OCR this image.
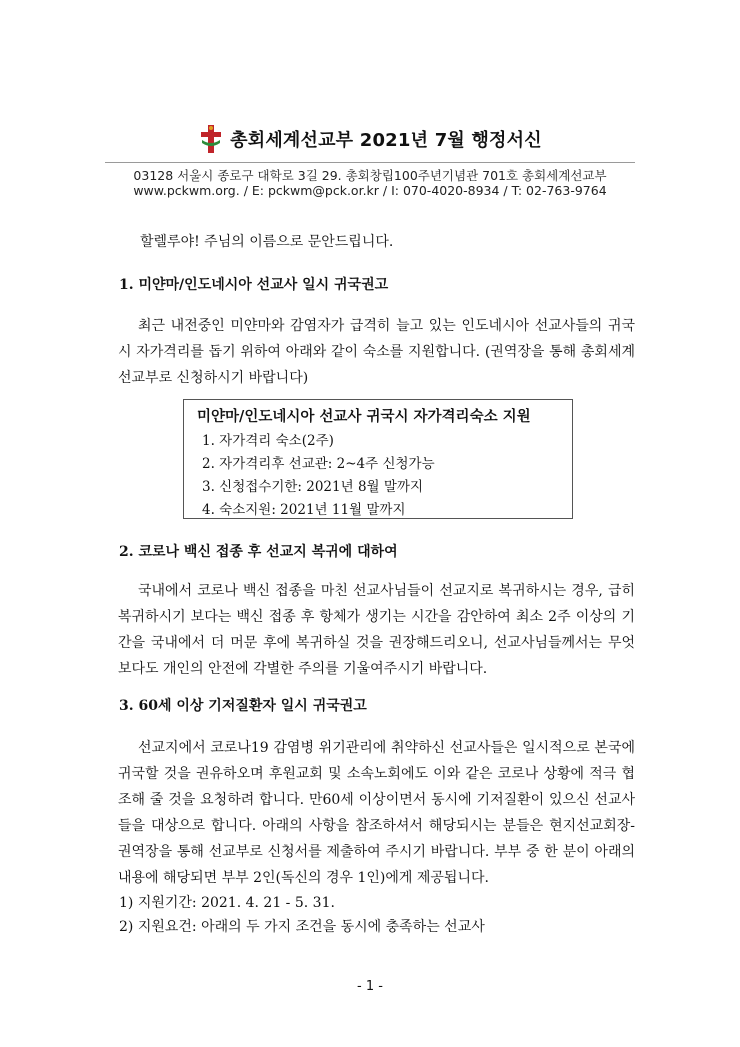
총회세계선교부 2021년 7월 행정서신
03128 서울시 종로구 대학로 3길 29. 총회창립100주년기념관 701호 총회세계선교부
www.pckwm.org. / E: pckwm@pck.or.kr / I: 070-4020-8934 / T: 02-763-9764
할렐루야! 주님의 이름으로 문안드립니다.
1. 미얀마/인도네시아 선교사 일시 귀국권고
최근 내전중인 미얀마와 감염자가 급격히 늘고 있는 인도네시아 선교사들의 귀국시 자가격리를 돕기 위하여 아래와 같이 숙소를 지원합니다. (권역장을 통해 총회세계선교부로 신청하시기 바랍니다)
미얀마/인도네시아 선교사 귀국시 자가격리숙소 지원
1. 자가격리 숙소(2주)
2. 자가격리후 선교관: 2~4주 신청가능
3. 신청접수기한: 2021년 8월 말까지
4. 숙소지원: 2021년 11월 말까지
2. 코로나 백신 접종 후 선교지 복귀에 대하여
국내에서 코로나 백신 접종을 마친 선교사님들이 선교지로 복귀하시는 경우, 급히 복귀하시기 보다는 백신 접종 후 항체가 생기는 시간을 감안하여 최소 2주 이상의 기간을 국내에서 더 머문 후에 복귀하실 것을 권장해드리오니, 선교사님들께서는 무엇보다도 개인의 안전에 각별한 주의를 기울여주시기 바랍니다.
3. 60세 이상 기저질환자 일시 귀국권고
선교지에서 코로나19 감염병 위기관리에 취약하신 선교사들은 일시적으로 본국에 귀국할 것을 권유하오며 후원교회 및 소속노회에도 이와 같은 코로나 상황에 적극 협조해 줄 것을 요청하려 합니다. 만60세 이상이면서 동시에 기저질환이 있으신 선교사들을 대상으로 합니다. 아래의 사항을 참조하셔서 해당되시는 분들은 현지선교회장-권역장을 통해 선교부로 신청서를 제출하여 주시기 바랍니다. 부부 중 한 분이 아래의 내용에 해당되면 부부 2인(독신의 경우 1인)에게 제공됩니다.
1) 지원기간: 2021. 4. 21 - 5. 31.
2) 지원요건: 아래의 두 가지 조건을 동시에 충족하는 선교사
- 1 -
